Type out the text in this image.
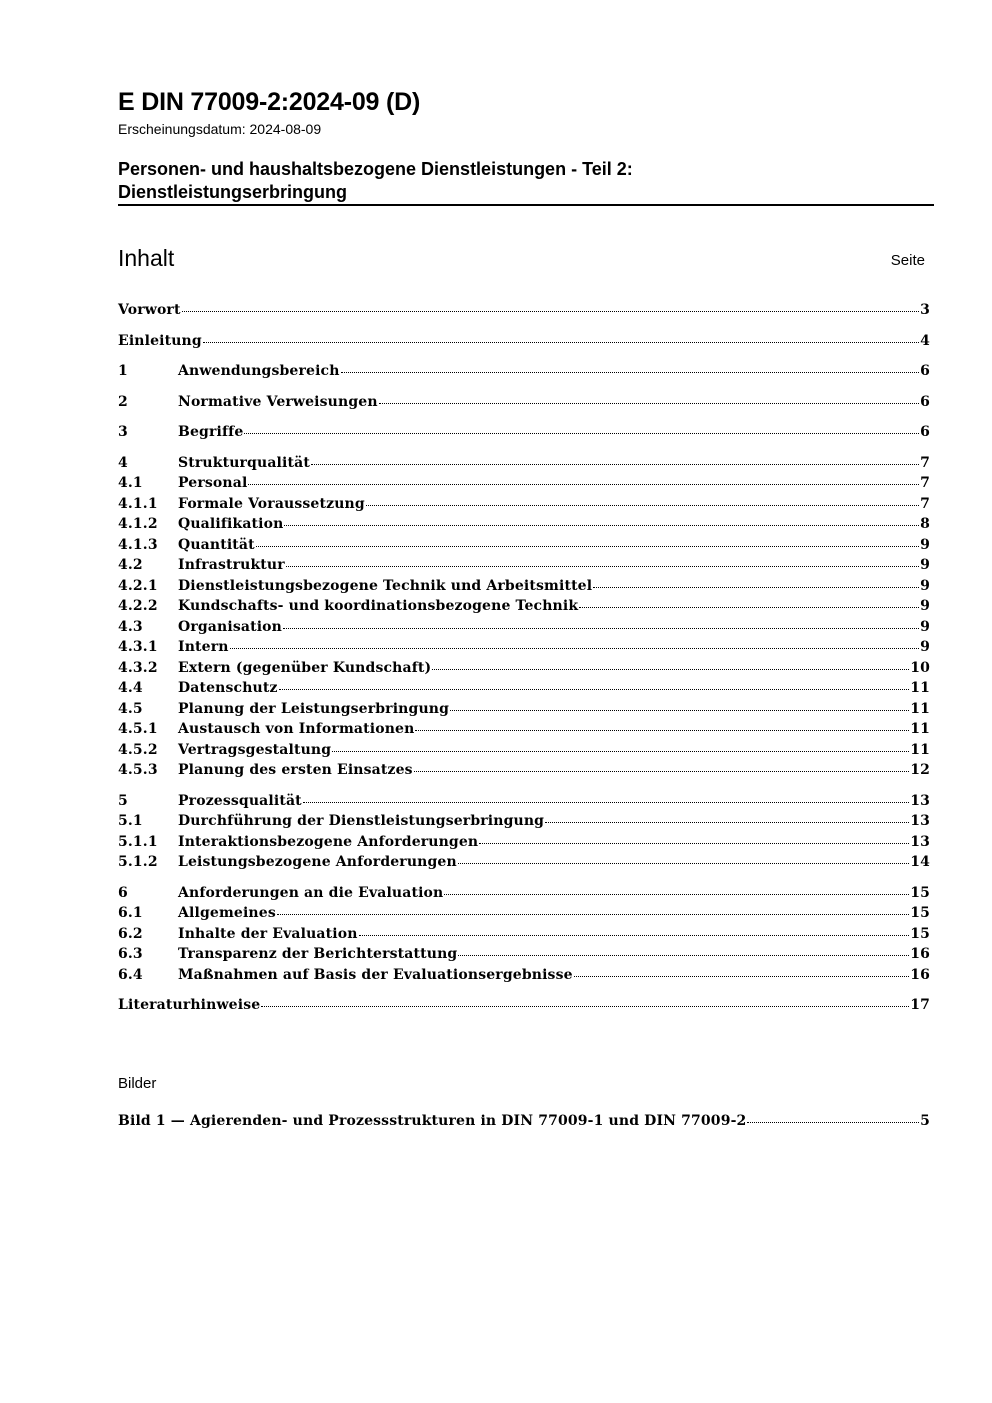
E DIN 77009-2:2024-09 (D)
Erscheinungsdatum: 2024-08-09
Personen- und haushaltsbezogene Dienstleistungen - Teil 2:
Dienstleistungserbringung
Inhalt	Seite
Vorwort	3
Einleitung	4
1	Anwendungsbereich	6
2	Normative Verweisungen	6
3	Begriffe	6
4	Strukturqualität	7
4.1	Personal	7
4.1.1	Formale Voraussetzung	7
4.1.2	Qualifikation	8
4.1.3	Quantität	9
4.2	Infrastruktur	9
4.2.1	Dienstleistungsbezogene Technik und Arbeitsmittel	9
4.2.2	Kundschafts- und koordinationsbezogene Technik	9
4.3	Organisation	9
4.3.1	Intern	9
4.3.2	Extern (gegenüber Kundschaft)	10
4.4	Datenschutz	11
4.5	Planung der Leistungserbringung	11
4.5.1	Austausch von Informationen	11
4.5.2	Vertragsgestaltung	11
4.5.3	Planung des ersten Einsatzes	12
5	Prozessqualität	13
5.1	Durchführung der Dienstleistungserbringung	13
5.1.1	Interaktionsbezogene Anforderungen	13
5.1.2	Leistungsbezogene Anforderungen	14
6	Anforderungen an die Evaluation	15
6.1	Allgemeines	15
6.2	Inhalte der Evaluation	15
6.3	Transparenz der Berichterstattung	16
6.4	Maßnahmen auf Basis der Evaluationsergebnisse	16
Literaturhinweise	17
Bilder
Bild 1 — Agierenden- und Prozessstrukturen in DIN 77009-1 und DIN 77009-2	5
